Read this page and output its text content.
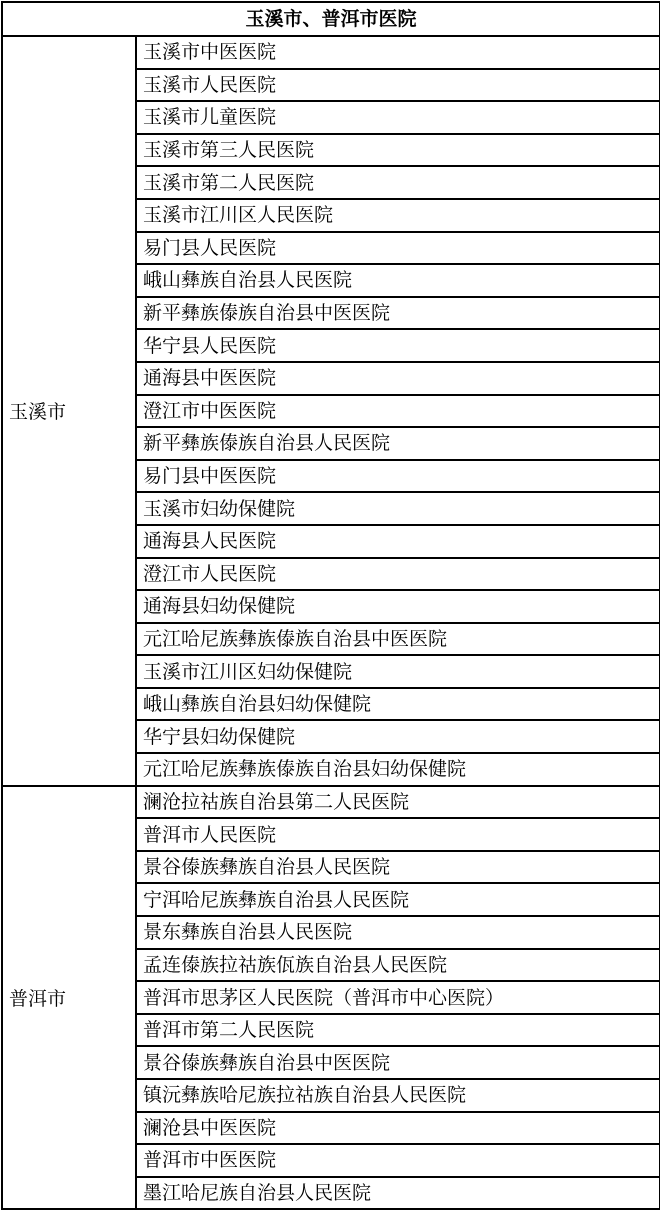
玉溪市、普洱市医院	
玉溪市	玉溪市中医医院
	玉溪市人民医院
	玉溪市儿童医院
	玉溪市第三人民医院
	玉溪市第二人民医院
	玉溪市江川区人民医院
	易门县人民医院
	峨山彝族自治县人民医院
	新平彝族傣族自治县中医医院
	华宁县人民医院
	通海县中医医院
	澄江市中医医院
	新平彝族傣族自治县人民医院
	易门县中医医院
	玉溪市妇幼保健院
	通海县人民医院
	澄江市人民医院
	通海县妇幼保健院
	元江哈尼族彝族傣族自治县中医医院
	玉溪市江川区妇幼保健院
	峨山彝族自治县妇幼保健院
	华宁县妇幼保健院
	元江哈尼族彝族傣族自治县妇幼保健院
普洱市	澜沧拉祜族自治县第二人民医院
	普洱市人民医院
	景谷傣族彝族自治县人民医院
	宁洱哈尼族彝族自治县人民医院
	景东彝族自治县人民医院
	孟连傣族拉祜族佤族自治县人民医院
	普洱市思茅区人民医院（普洱市中心医院）
	普洱市第二人民医院
	景谷傣族彝族自治县中医医院
	镇沅彝族哈尼族拉祜族自治县人民医院
	澜沧县中医医院
	普洱市中医医院
	墨江哈尼族自治县人民医院
